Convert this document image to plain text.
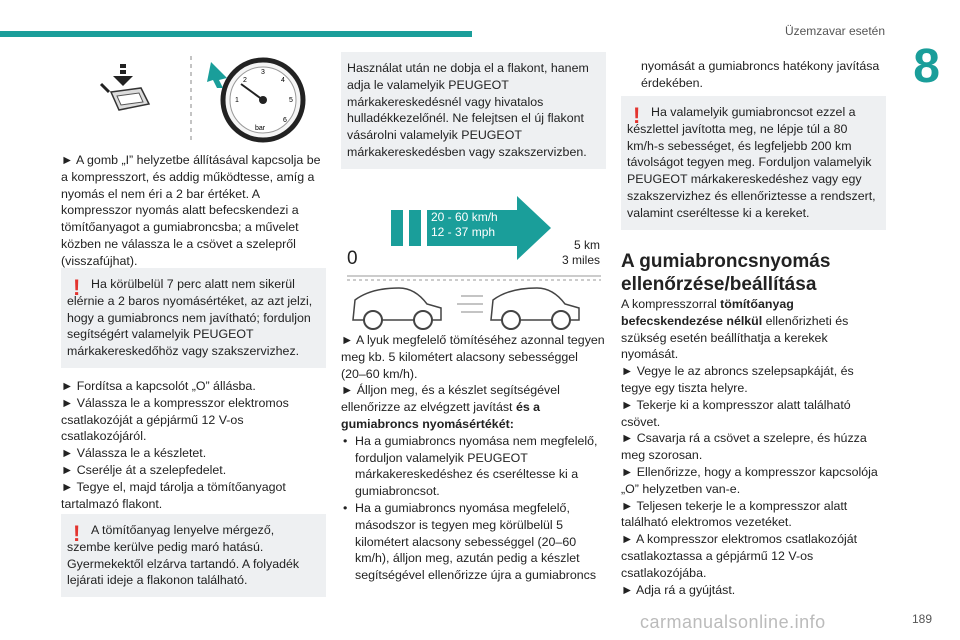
Üzemzavar esetén
8
1
2
3
4
5
6
bar

► A gomb „I” helyzetbe állításával kapcsolja be a kompresszort, és addig működtesse, amíg a nyomás el nem éri a 2 bar értéket. A kompresszor nyomás alatt befecskendezi a tömítőanyagot a gumiabroncsba; a művelet közben ne válassza le a csövet a szelepről (visszafújhat).

! Ha körülbelül 7 perc alatt nem sikerül elérnie a 2 baros nyomásértéket, az azt jelzi, hogy a gumiabroncs nem javítható; forduljon segítségért valamelyik PEUGEOT márkakereskedőhöz vagy szakszervizhez.

► Fordítsa a kapcsolót „O” állásba.

► Válassza le a kompresszor elektromos csatlakozóját a gépjármű 12 V-os csatlakozójáról.

► Válassza le a készletet.

► Cserélje át a szelepfedelet.

► Tegye el, majd tárolja a tömítőanyagot tartalmazó flakont.

! A tömítőanyag lenyelve mérgező, szembe kerülve pedig maró hatású. Gyermekektől elzárva tartandó. A folyadék lejárati ideje a flakonon található.

Használat után ne dobja el a flakont, hanem adja le valamelyik PEUGEOT márkakereskedésnél vagy hivatalos hulladékkezelőnél. Ne felejtsen el új flakont vásárolni valamelyik PEUGEOT márkakereskedésben vagy szakszervizben.

20 - 60 km/h
12 - 37 mph
0
5 km
3 miles

► A lyuk megfelelő tömítéséhez azonnal tegyen meg kb. 5 kilométert alacsony sebességgel (20–60 km/h).

► Álljon meg, és a készlet segítségével ellenőrizze az elvégzett javítást és a gumiabroncs nyomásértékét:

• Ha a gumiabroncs nyomása nem megfelelő, forduljon valamelyik PEUGEOT márkakereskedéshez és cseréltesse ki a gumiabroncsot.

• Ha a gumiabroncs nyomása megfelelő, másodszor is tegyen meg körülbelül 5 kilométert alacsony sebességgel (20–60 km/h), álljon meg, azután pedig a készlet segítségével ellenőrizze újra a gumiabroncs

nyomását a gumiabroncs hatékony javítása érdekében.

! Ha valamelyik gumiabroncsot ezzel a készlettel javította meg, ne lépje túl a 80 km/h-s sebességet, és legfeljebb 200 km távolságot tegyen meg. Forduljon valamelyik PEUGEOT márkakereskedéshez vagy egy szakszervizhez és ellenőriztesse a rendszert, valamint cseréltesse ki a kereket.

A gumiabroncsnyomás ellenőrzése/beállítása

A kompresszorral tömítőanyag befecskendezése nélkül ellenőrizheti és szükség esetén beállíthatja a kerekek nyomását.

► Vegye le az abroncs szelepsapkáját, és tegye egy tiszta helyre.

► Tekerje ki a kompresszor alatt található csövet.

► Csavarja rá a csövet a szelepre, és húzza meg szorosan.

► Ellenőrizze, hogy a kompresszor kapcsolója „O” helyzetben van-e.

► Teljesen tekerje le a kompresszor alatt található elektromos vezetéket.

► A kompresszor elektromos csatlakozóját csatlakoztassa a gépjármű 12 V-os csatlakozójába.

► Adja rá a gyújtást.

carmanualsonline.info	189
